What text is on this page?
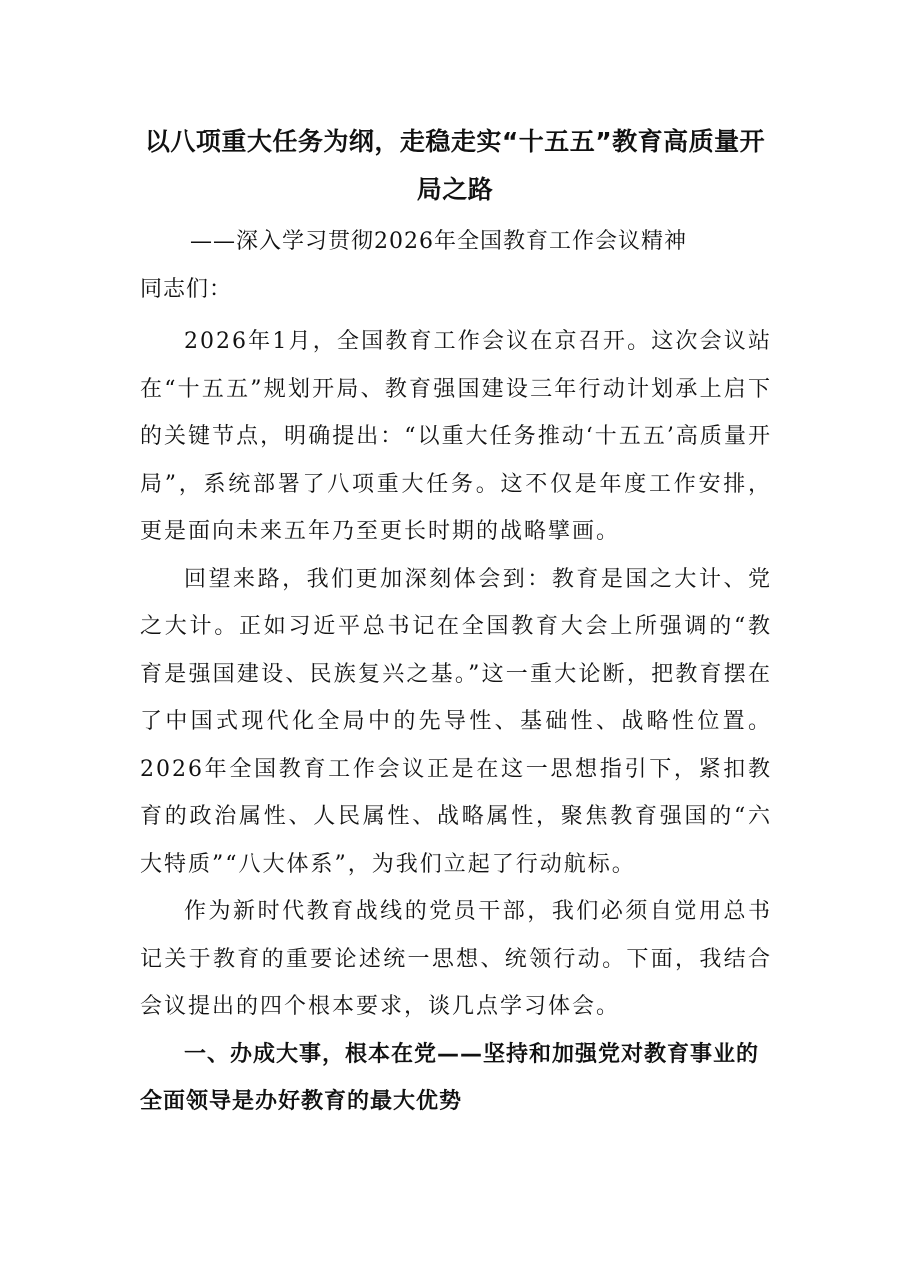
以八项重大任务为纲，走稳走实“十五五”教育高质量开局之路

——深入学习贯彻2026年全国教育工作会议精神

同志们：

2026年1月，全国教育工作会议在京召开。这次会议站在“十五五”规划开局、教育强国建设三年行动计划承上启下的关键节点，明确提出：“以重大任务推动‘十五五’高质量开局”，系统部署了八项重大任务。这不仅是年度工作安排，更是面向未来五年乃至更长时期的战略擘画。

回望来路，我们更加深刻体会到：教育是国之大计、党之大计。正如习近平总书记在全国教育大会上所强调的“教育是强国建设、民族复兴之基。”这一重大论断，把教育摆在了中国式现代化全局中的先导性、基础性、战略性位置。2026年全国教育工作会议正是在这一思想指引下，紧扣教育的政治属性、人民属性、战略属性，聚焦教育强国的“六大特质”“八大体系”，为我们立起了行动航标。

作为新时代教育战线的党员干部，我们必须自觉用总书记关于教育的重要论述统一思想、统领行动。下面，我结合会议提出的四个根本要求，谈几点学习体会。

一、办成大事，根本在党——坚持和加强党对教育事业的全面领导是办好教育的最大优势
